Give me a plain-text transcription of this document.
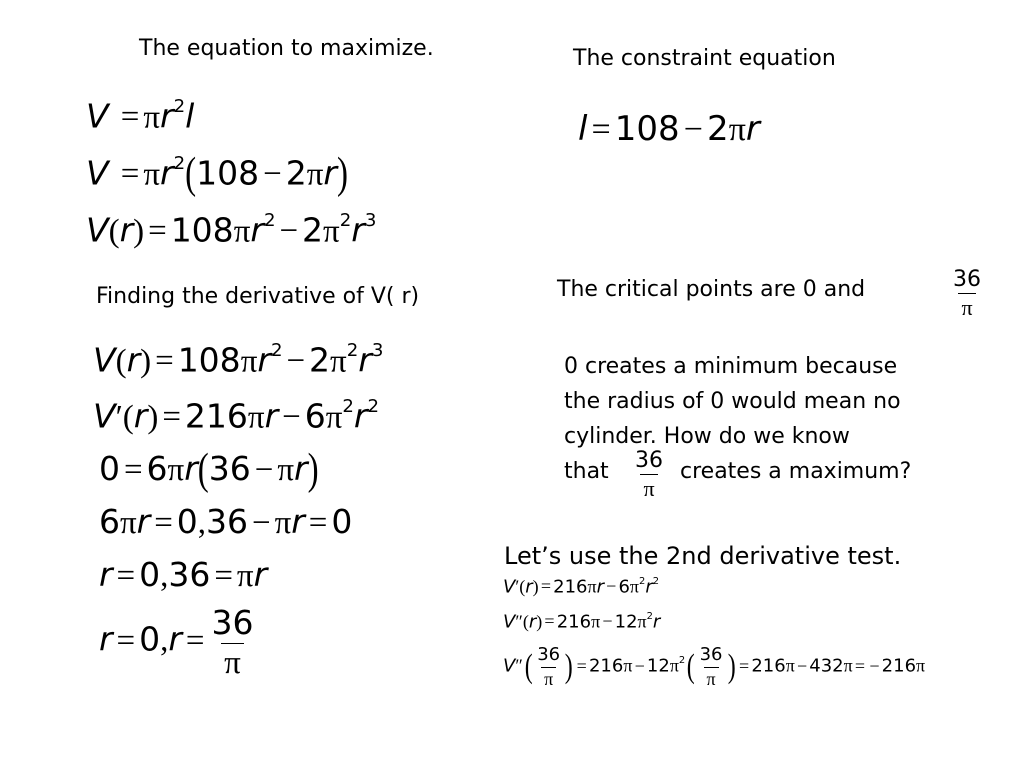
The equation to maximize.	The constraint equation
Finding the derivative of V( r)
$V = \pi r^2l$
$V = \pi r^2(108 - 2\pi r)$
$V(r) = 108\pi r^2 - 2\pi^2r^3$
l = 108 − 2πr
$V(r) = 108\pi r^2 - 2\pi^2r^3$
$V'(r) = 216\pi r - 6\pi^2r^2$
0 = 6πr(36 − πr)
6πr = 0,36 − πr = 0
r = 0,36 = πr
$r = 0,r = \frac{36}{\pi}$
The critical points are 0 and	$\frac{36}{\pi}$
0 creates a minimum because
the radius of 0 would mean no
cylinder. How do we know
that $\frac{36}{\pi}$ creates a maximum?
Let’s use the 2nd derivative test.
$V'(r) = 216\pi r - 6\pi^2r^2$
$V''(r) = 216\pi - 12\pi^2r$
$V''( \frac{36}{\pi}$ ) = $216\pi - 12\pi^2( \frac{36}{\pi}$ ) = 216π − 432π = − 216π
